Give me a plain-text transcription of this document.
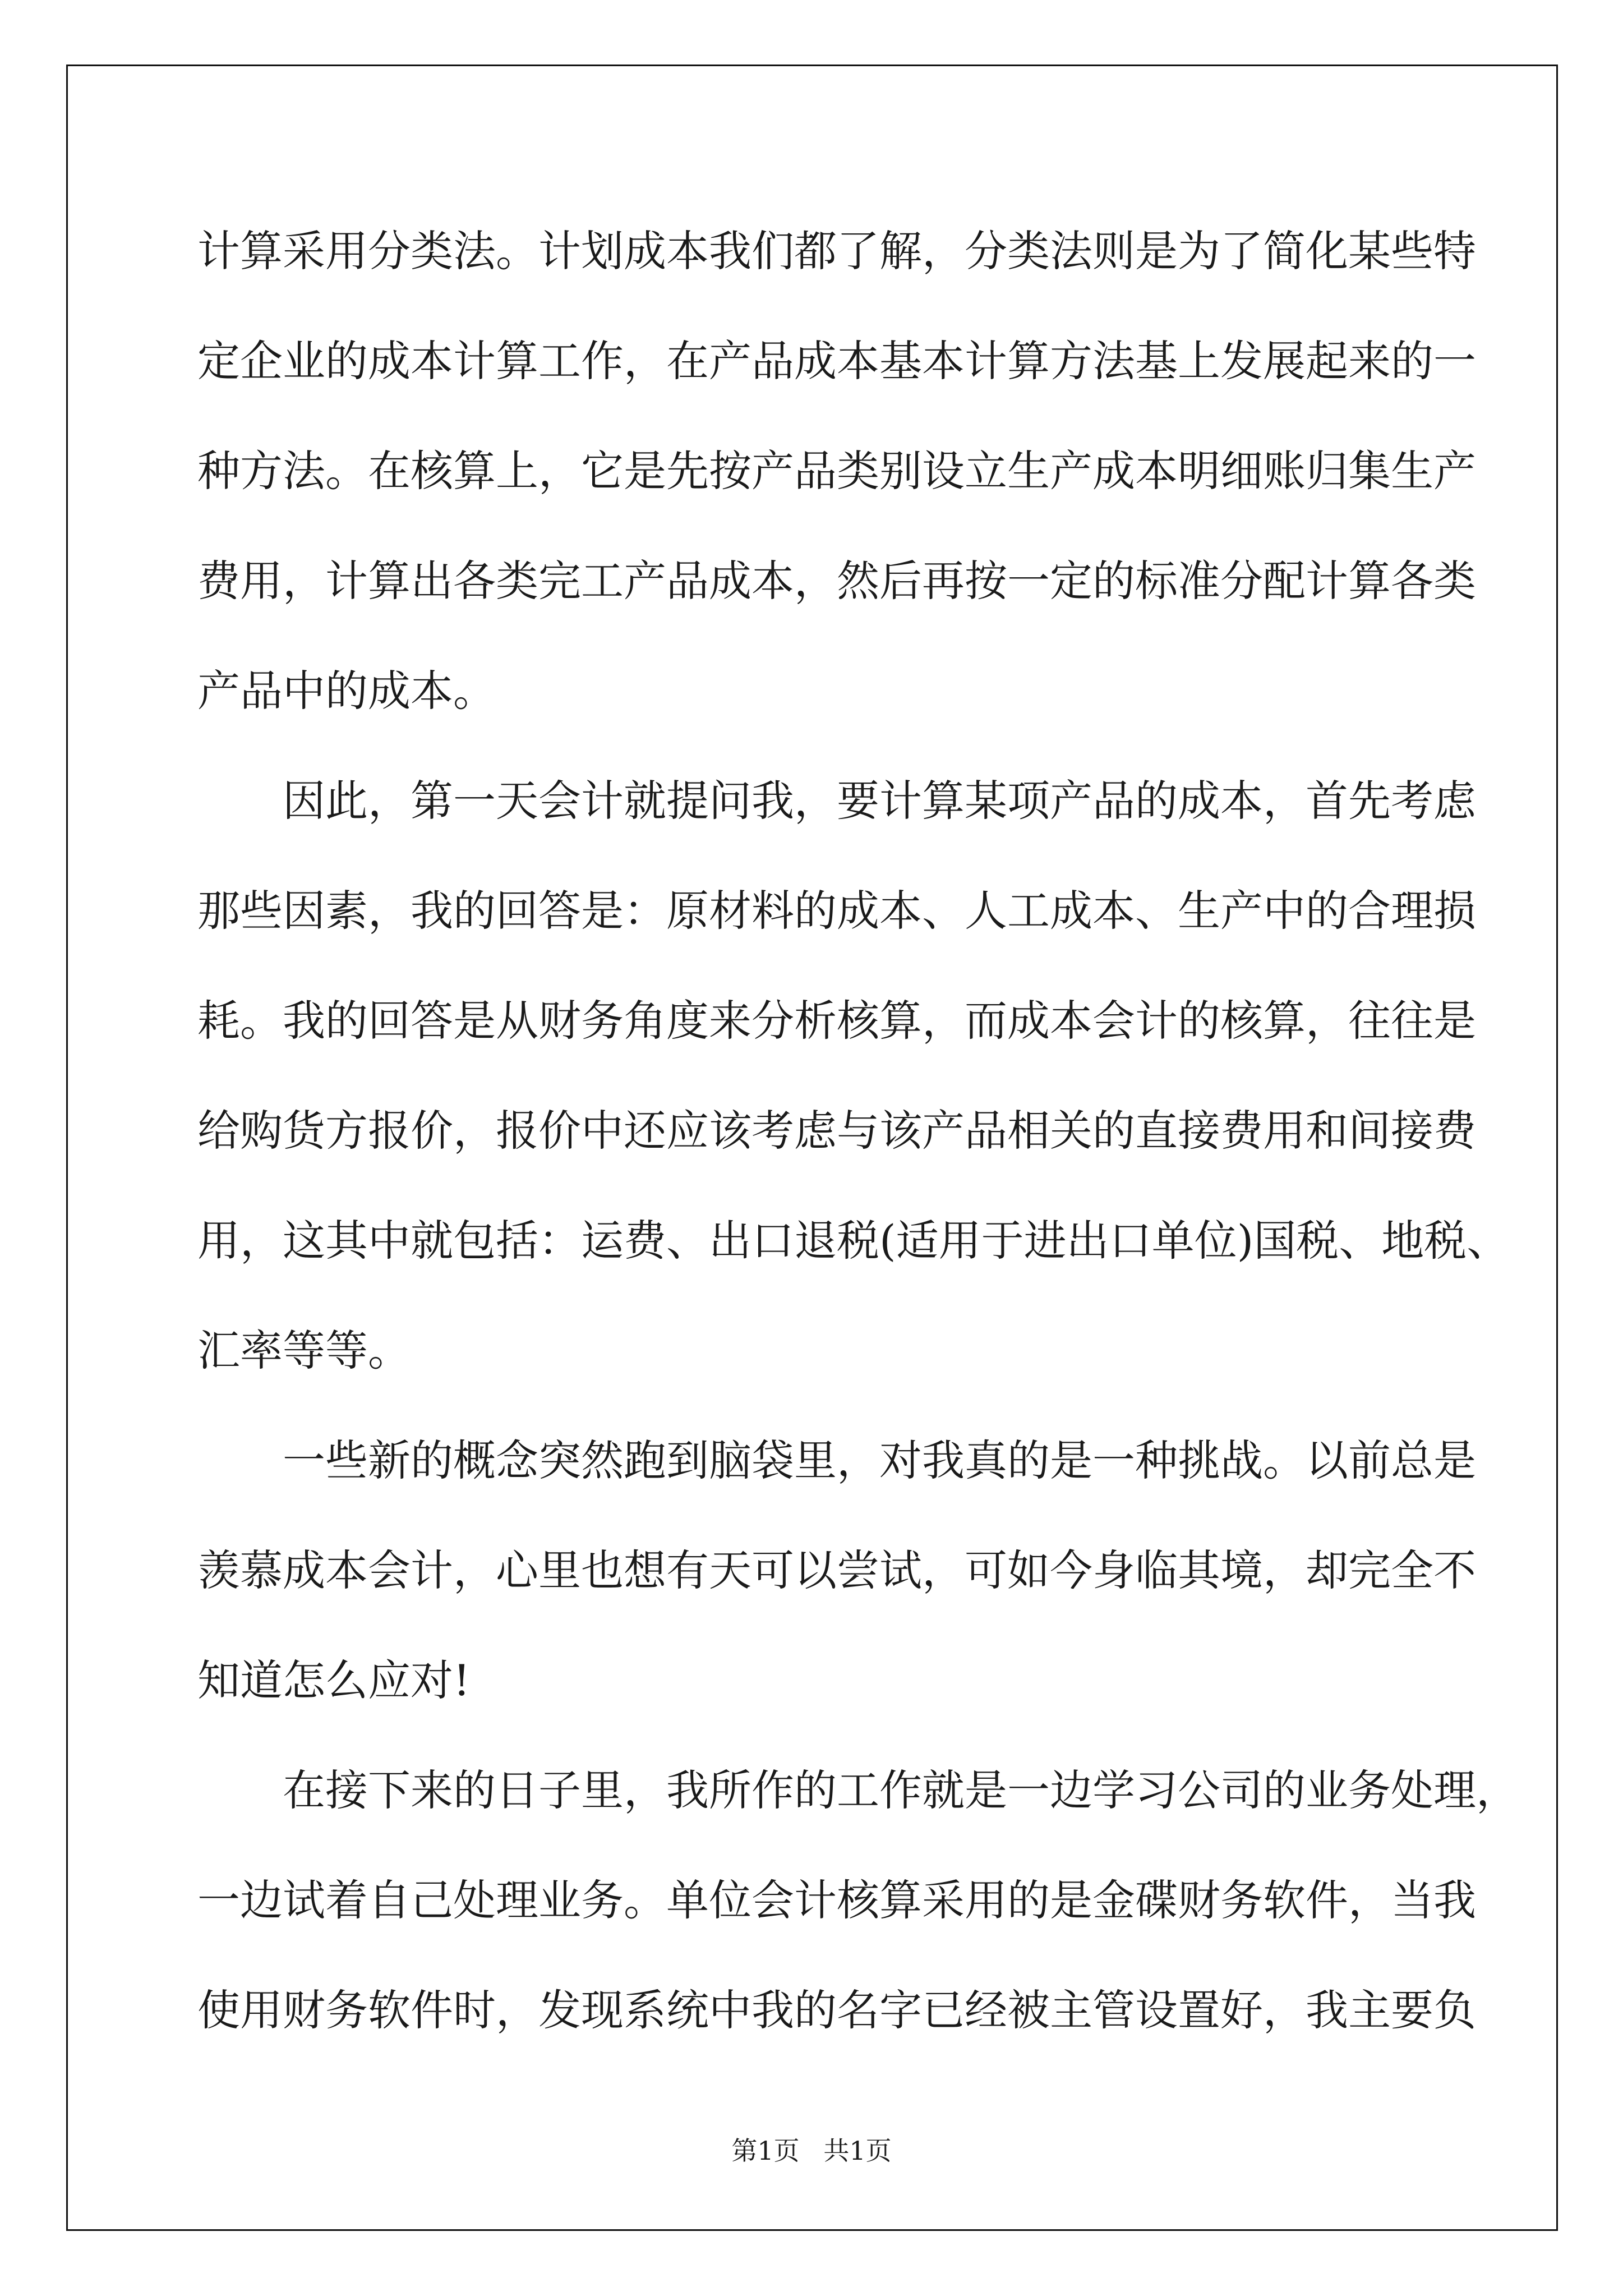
计算采用分类法。计划成本我们都了解，分类法则是为了简化某些特

定企业的成本计算工作，在产品成本基本计算方法基上发展起来的一

种方法。在核算上，它是先按产品类别设立生产成本明细账归集生产

费用，计算出各类完工产品成本，然后再按一定的标准分配计算各类

产品中的成本。

　　因此，第一天会计就提问我，要计算某项产品的成本，首先考虑

那些因素，我的回答是：原材料的成本、人工成本、生产中的合理损

耗。我的回答是从财务角度来分析核算，而成本会计的核算，往往是

给购货方报价，报价中还应该考虑与该产品相关的直接费用和间接费

用，这其中就包括：运费、出口退税(适用于进出口单位)国税、地税、

汇率等等。

　　一些新的概念突然跑到脑袋里，对我真的是一种挑战。以前总是

羡慕成本会计，心里也想有天可以尝试，可如今身临其境，却完全不

知道怎么应对!

　　在接下来的日子里，我所作的工作就是一边学习公司的业务处理，

一边试着自己处理业务。单位会计核算采用的是金碟财务软件，当我

使用财务软件时，发现系统中我的名字已经被主管设置好，我主要负

第1页 共1页
